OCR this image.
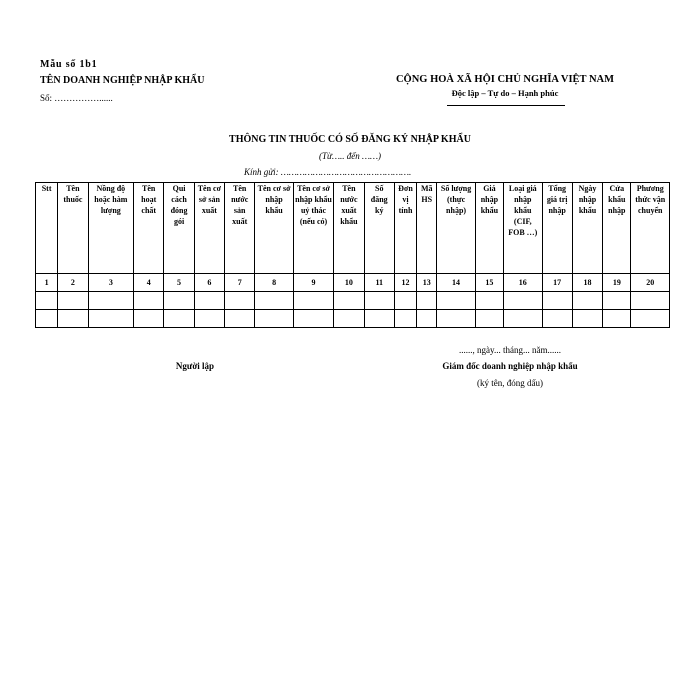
Mẫu số 1b1
TÊN DOANH NGHIỆP NHẬP KHẨU
Số: ……………......
CỘNG HOÀ XÃ HỘI CHỦ NGHĨA VIỆT NAM
Độc lập – Tự do – Hạnh phúc
THÔNG TIN THUỐC CÓ SỐ ĐĂNG KÝ NHẬP KHẨU
(Từ….. đến ……)
Kính gửi: ………………………………………….
Stt	Tên thuốc	Nồng độ hoặc hàm lượng	Tên hoạt chất	Qui cách đóng gói	Tên cơ sở sản xuất	Tên nước sản xuất	Tên cơ sở nhập khẩu	Tên cơ sở nhập khẩu uỷ thác (nếu có)	Tên nước xuất khẩu	Số đăng ký	Đơn vị tính	Mã HS	Số lượng (thực nhập)	Giá nhập khẩu	Loại giá nhập khẩu (CIF, FOB …)	Tổng giá trị nhập	Ngày nhập khẩu	Cửa khẩu nhập	Phương thức vận chuyển
1	2	3	4	5	6	7	8	9	10	11	12	13	14	15	16	17	18	19	20

......, ngày... tháng... năm......
Người lập	Giám đốc doanh nghiệp nhập khẩu
(ký tên, đóng dấu)
